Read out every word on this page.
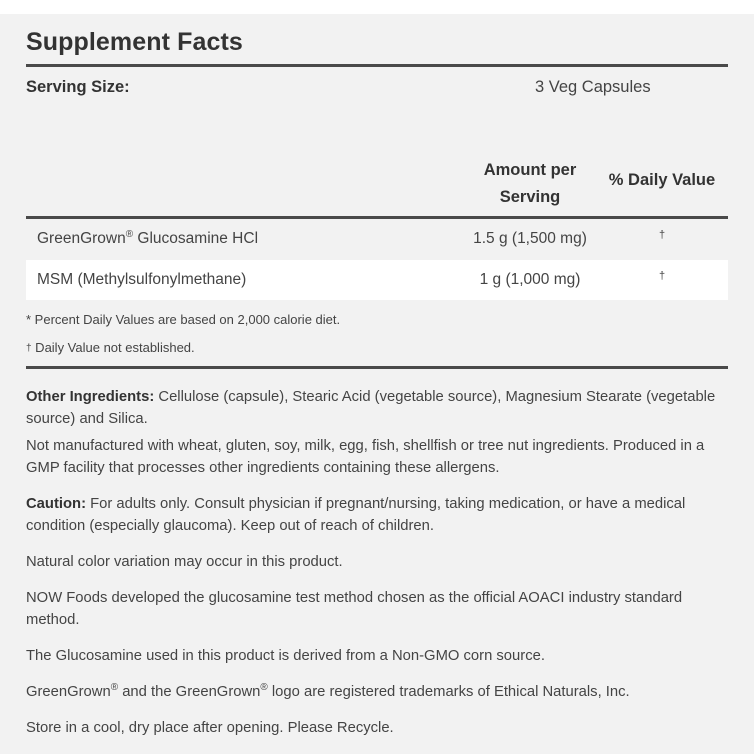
Supplement Facts
Serving Size:	3 Veg Capsules
Amount per Serving
% Daily Value
GreenGrown® Glucosamine HCl	1.5 g (1,500 mg)	†
MSM (Methylsulfonylmethane)	1 g (1,000 mg)	†
* Percent Daily Values are based on 2,000 calorie diet.
† Daily Value not established.
Other Ingredients: Cellulose (capsule), Stearic Acid (vegetable source), Magnesium Stearate (vegetable source) and Silica.
Not manufactured with wheat, gluten, soy, milk, egg, fish, shellfish or tree nut ingredients. Produced in a GMP facility that processes other ingredients containing these allergens.
Caution: For adults only. Consult physician if pregnant/nursing, taking medication, or have a medical condition (especially glaucoma). Keep out of reach of children.
Natural color variation may occur in this product.
NOW Foods developed the glucosamine test method chosen as the official AOACI industry standard method.
The Glucosamine used in this product is derived from a Non-GMO corn source.
GreenGrown® and the GreenGrown® logo are registered trademarks of Ethical Naturals, Inc.
Store in a cool, dry place after opening. Please Recycle.
